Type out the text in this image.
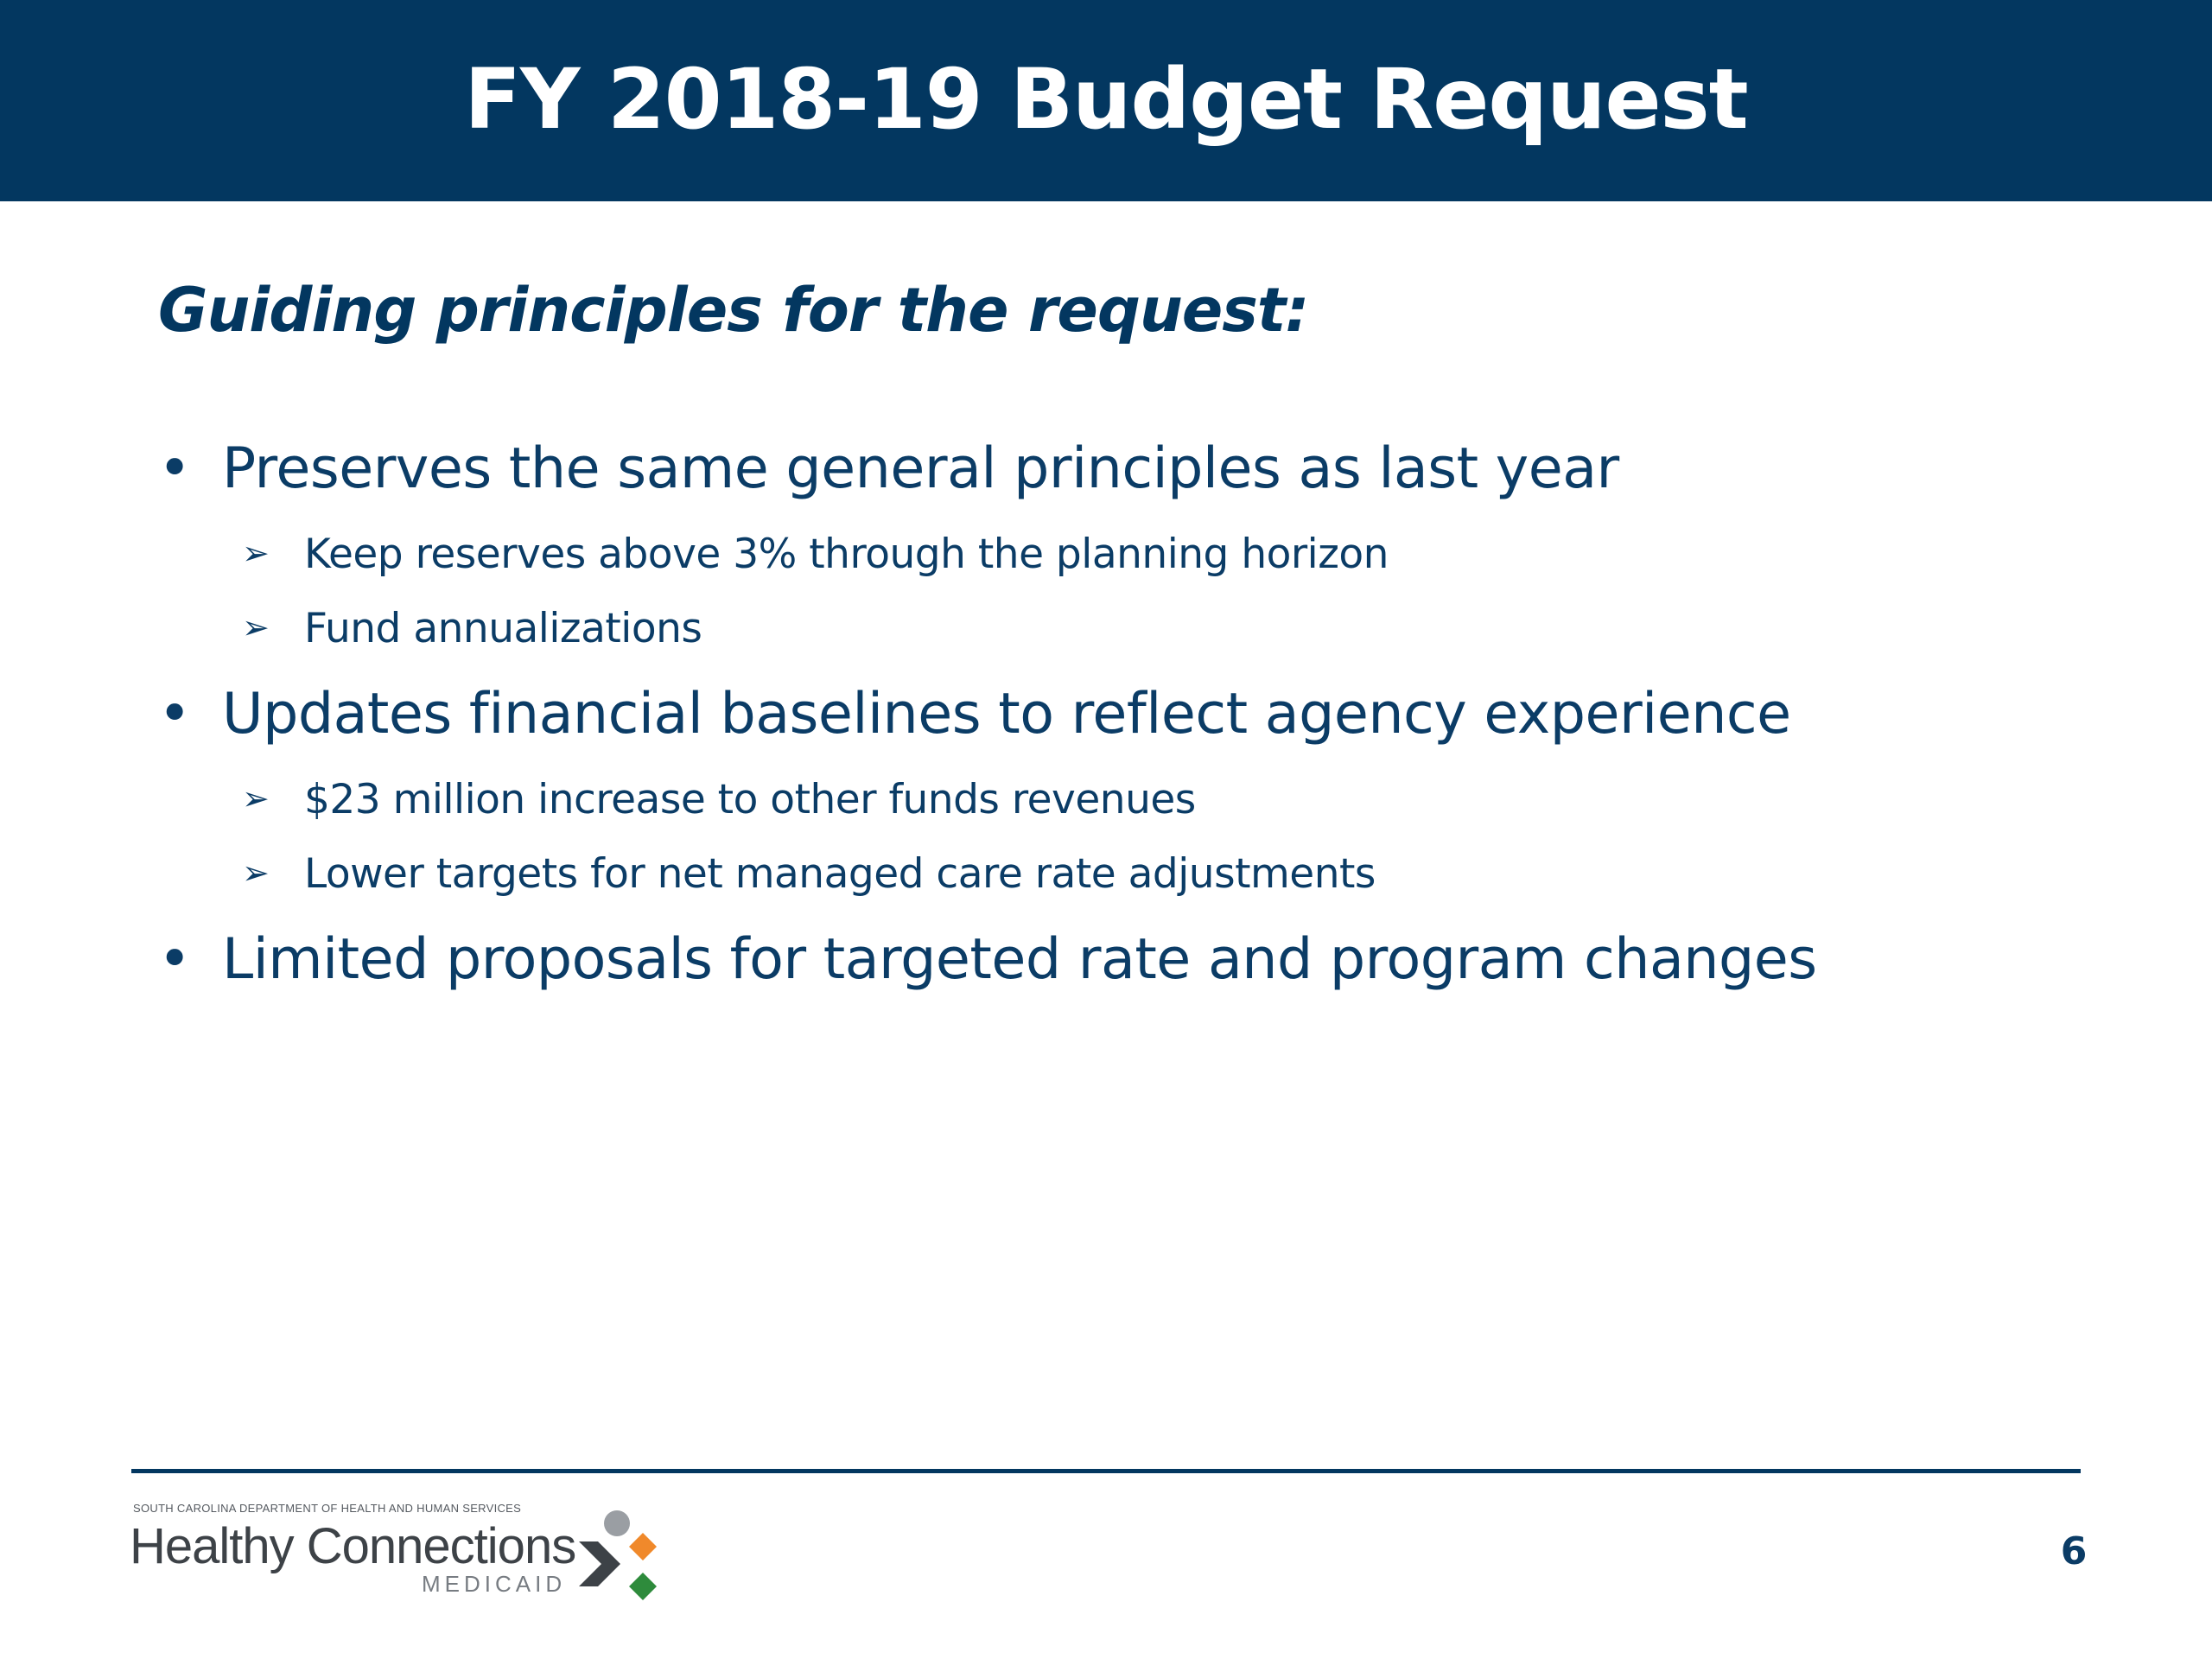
FY 2018-19 Budget Request
Guiding principles for the request:
• Preserves the same general principles as last year
➢ Keep reserves above 3% through the planning horizon
➢ Fund annualizations
• Updates financial baselines to reflect agency experience
➢ $23 million increase to other funds revenues
➢ Lower targets for net managed care rate adjustments
• Limited proposals for targeted rate and program changes
SOUTH CAROLINA DEPARTMENT OF HEALTH AND HUMAN SERVICES
Healthy Connections
MEDICAID
6
